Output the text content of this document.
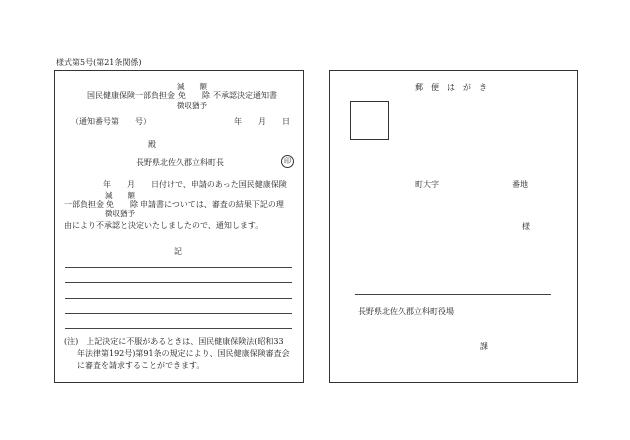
様式第5号(第21条関係)
減　　額
国民健康保険一部負担金 免　　除 不承認決定通知書
徴収猶予
（通知番号第　　号）	年　　月　　日
殿
長野県北佐久郡立科町長	印
年　　月　　日付けで、申請のあった国民健康保険
減　　額
一部負担金 免　　除 申請書については、審査の結果下記の理
徴収猶予
由により不承認と決定いたしましたので、通知します。
記
(注)　上記決定に不服があるときは、国民健康保険法(昭和33
年法律第192号)第91条の規定により、国民健康保険審査会
に審査を請求することができます。
郵　便　は　が　き
町大字	番地
様
長野県北佐久郡立科町役場
課
